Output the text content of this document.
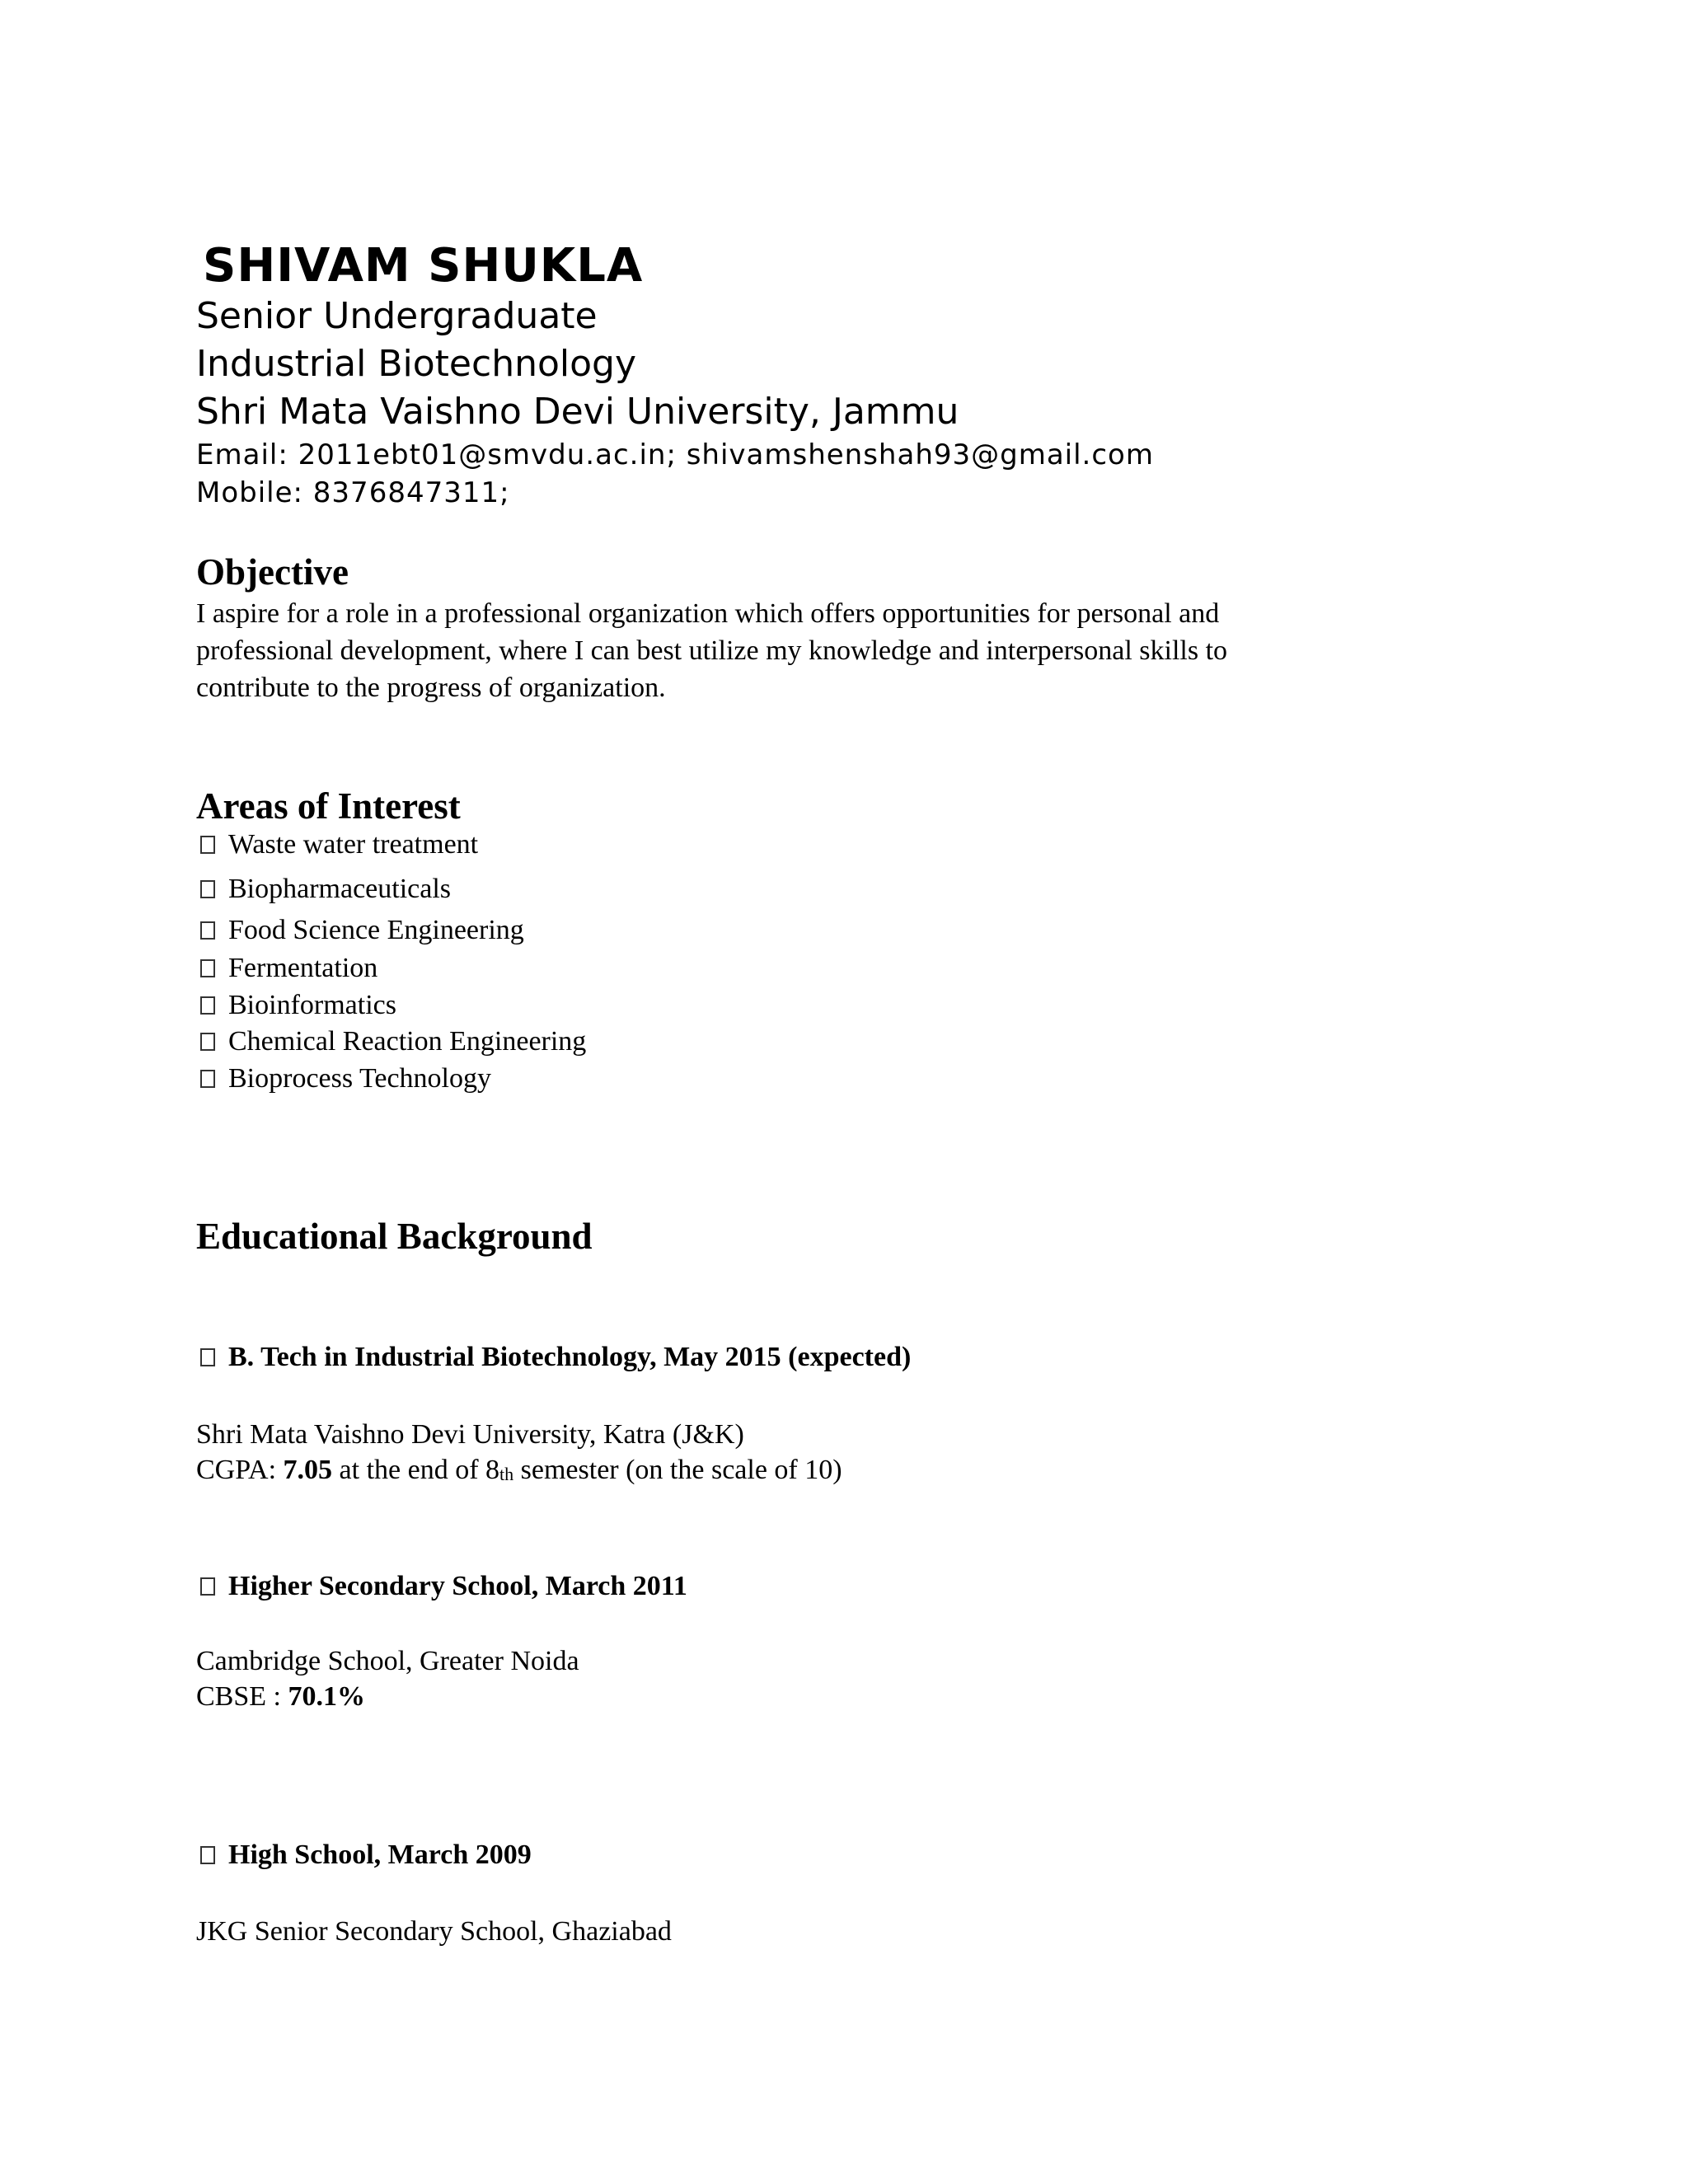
SHIVAM SHUKLA
Senior Undergraduate
Industrial Biotechnology
Shri Mata Vaishno Devi University, Jammu
Email: 2011ebt01@smvdu.ac.in; shivamshenshah93@gmail.com
Mobile: 8376847311;
Objective
I aspire for a role in a professional organization which offers opportunities for personal and
professional development, where I can best utilize my knowledge and interpersonal skills to
contribute to the progress of organization.
Areas of Interest
Waste water treatment
Biopharmaceuticals
Food Science Engineering
Fermentation
Bioinformatics
Chemical Reaction Engineering
Bioprocess Technology
Educational Background
B. Tech in Industrial Biotechnology, May 2015 (expected)
Shri Mata Vaishno Devi University, Katra (J&K)
CGPA: 7.05 at the end of $8_{th}$ semester (on the scale of 10)
Higher Secondary School, March 2011
Cambridge School, Greater Noida
CBSE : 70.1%
High School, March 2009
JKG Senior Secondary School, Ghaziabad
